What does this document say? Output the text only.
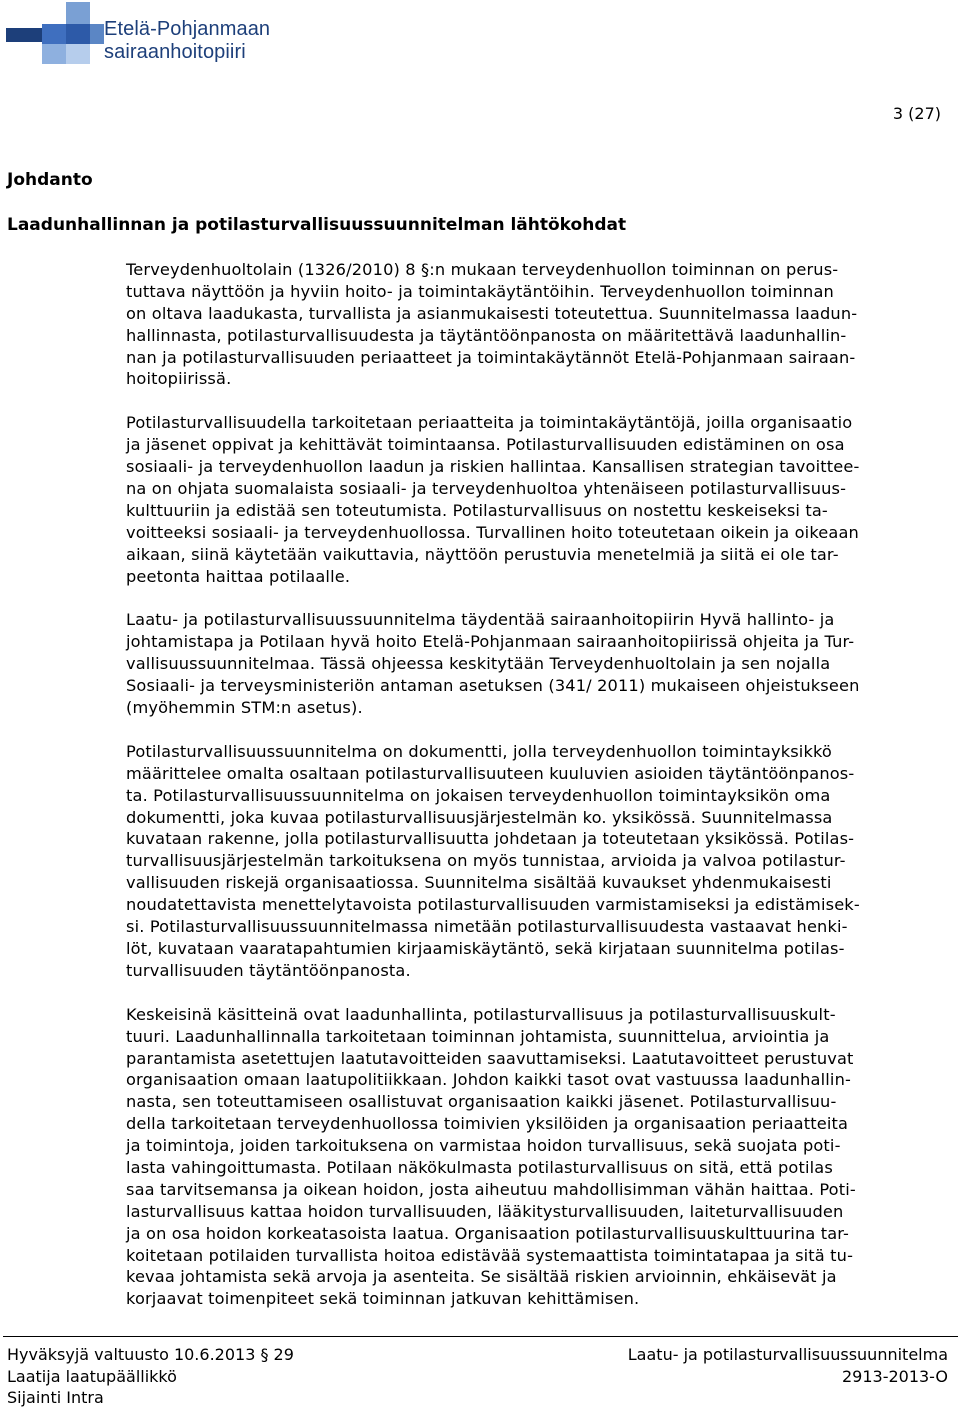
Etelä-Pohjanmaan
sairaanhoitopiiri
3 (27)
Johdanto
Laadunhallinnan ja potilasturvallisuussuunnitelman lähtökohdat
Terveydenhuoltolain (1326/2010) 8 §:n mukaan terveydenhuollon toiminnan on perus-
tuttava näyttöön ja hyviin hoito- ja toimintakäytäntöihin. Terveydenhuollon toiminnan
on oltava laadukasta, turvallista ja asianmukaisesti toteutettua. Suunnitelmassa laadun-
hallinnasta, potilasturvallisuudesta ja täytäntöönpanosta on määritettävä laadunhallin-
nan ja potilasturvallisuuden periaatteet ja toimintakäytännöt Etelä-Pohjanmaan sairaan-
hoitopiirissä.
Potilasturvallisuudella tarkoitetaan periaatteita ja toimintakäytäntöjä, joilla organisaatio
ja jäsenet oppivat ja kehittävät toimintaansa. Potilasturvallisuuden edistäminen on osa
sosiaali- ja terveydenhuollon laadun ja riskien hallintaa. Kansallisen strategian tavoittee-
na on ohjata suomalaista sosiaali- ja terveydenhuoltoa yhtenäiseen potilasturvallisuus-
kulttuuriin ja edistää sen toteutumista. Potilasturvallisuus on nostettu keskeiseksi ta-
voitteeksi sosiaali- ja terveydenhuollossa. Turvallinen hoito toteutetaan oikein ja oikeaan
aikaan, siinä käytetään vaikuttavia, näyttöön perustuvia menetelmiä ja siitä ei ole tar-
peetonta haittaa potilaalle.
Laatu- ja potilasturvallisuussuunnitelma täydentää sairaanhoitopiirin Hyvä hallinto- ja
johtamistapa ja Potilaan hyvä hoito Etelä-Pohjanmaan sairaanhoitopiirissä ohjeita ja Tur-
vallisuussuunnitelmaa. Tässä ohjeessa keskitytään Terveydenhuoltolain ja sen nojalla
Sosiaali- ja terveysministeriön antaman asetuksen (341/ 2011) mukaiseen ohjeistukseen
(myöhemmin STM:n asetus).
Potilasturvallisuussuunnitelma on dokumentti, jolla terveydenhuollon toimintayksikkö
määrittelee omalta osaltaan potilasturvallisuuteen kuuluvien asioiden täytäntöönpanos-
ta. Potilasturvallisuussuunnitelma on jokaisen terveydenhuollon toimintayksikön oma
dokumentti, joka kuvaa potilasturvallisuusjärjestelmän ko. yksikössä. Suunnitelmassa
kuvataan rakenne, jolla potilasturvallisuutta johdetaan ja toteutetaan yksikössä. Potilas-
turvallisuusjärjestelmän tarkoituksena on myös tunnistaa, arvioida ja valvoa potilastur-
vallisuuden riskejä organisaatiossa. Suunnitelma sisältää kuvaukset yhdenmukaisesti
noudatettavista menettelytavoista potilasturvallisuuden varmistamiseksi ja edistämisek-
si. Potilasturvallisuussuunnitelmassa nimetään potilasturvallisuudesta vastaavat henki-
löt, kuvataan vaaratapahtumien kirjaamiskäytäntö, sekä kirjataan suunnitelma potilas-
turvallisuuden täytäntöönpanosta.
Keskeisinä käsitteinä ovat laadunhallinta, potilasturvallisuus ja potilasturvallisuuskult-
tuuri. Laadunhallinnalla tarkoitetaan toiminnan johtamista, suunnittelua, arviointia ja
parantamista asetettujen laatutavoitteiden saavuttamiseksi. Laatutavoitteet perustuvat
organisaation omaan laatupolitiikkaan. Johdon kaikki tasot ovat vastuussa laadunhallin-
nasta, sen toteuttamiseen osallistuvat organisaation kaikki jäsenet. Potilasturvallisuu-
della tarkoitetaan terveydenhuollossa toimivien yksilöiden ja organisaation periaatteita
ja toimintoja, joiden tarkoituksena on varmistaa hoidon turvallisuus, sekä suojata poti-
lasta vahingoittumasta. Potilaan näkökulmasta potilasturvallisuus on sitä, että potilas
saa tarvitsemansa ja oikean hoidon, josta aiheutuu mahdollisimman vähän haittaa. Poti-
lasturvallisuus kattaa hoidon turvallisuuden, lääkitysturvallisuuden, laiteturvallisuuden
ja on osa hoidon korkeatasoista laatua. Organisaation potilasturvallisuuskulttuurina tar-
koitetaan potilaiden turvallista hoitoa edistävää systemaattista toimintatapaa ja sitä tu-
kevaa johtamista sekä arvoja ja asenteita. Se sisältää riskien arvioinnin, ehkäisevät ja
korjaavat toimenpiteet sekä toiminnan jatkuvan kehittämisen.
Hyväksyjä valtuusto 10.6.2013 § 29
Laatija laatupäällikkö
Sijainti Intra
Laatu- ja potilasturvallisuussuunnitelma
2913-2013-O
